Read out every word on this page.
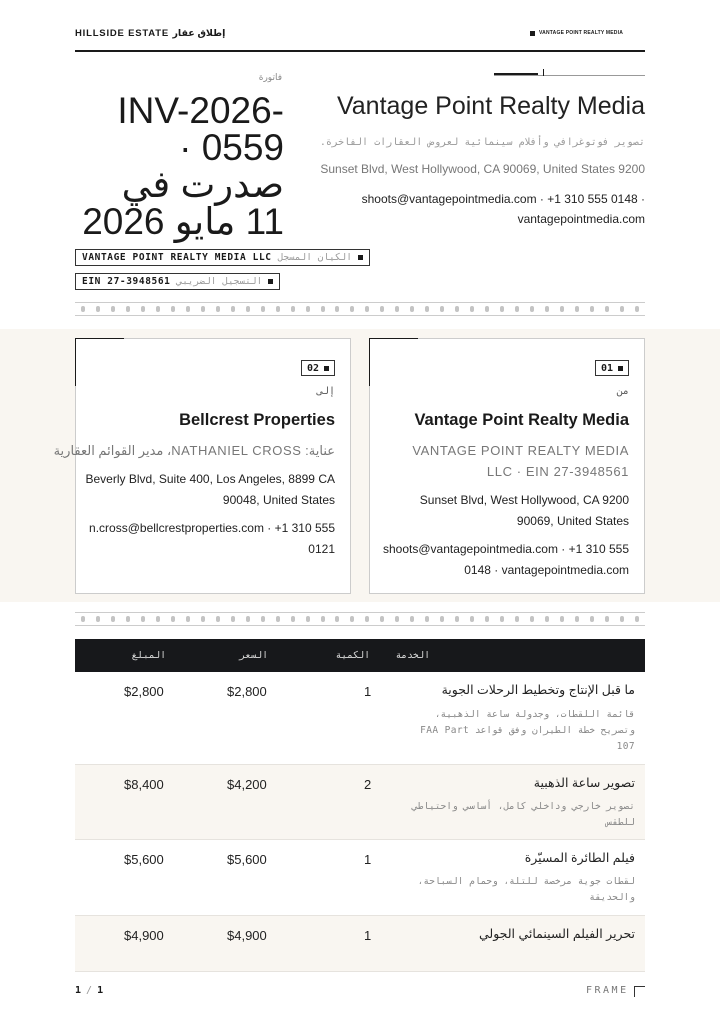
HILLSIDE ESTATE إطلاق عقار	VANTAGE POINT REALTY MEDIA
فاتورة
INV-2026-0559 · صدرت في 11 مايو 2026
Vantage Point Realty Media
تصوير فوتوغرافي وأفلام سينمائية لعروض العقارات الفاخرة.
Sunset Blvd, West Hollywood, CA 90069, United States 9200
shoots@vantagepointmedia.com · +1 310 555 0148 · vantagepointmedia.com
الكيان المسجل
VANTAGE POINT REALTY MEDIA LLC
التسجيل الضريبي
EIN 27-3948561
02
إلى
Bellcrest Properties
عناية: NATHANIEL CROSS، مدير القوائم العقارية
Beverly Blvd, Suite 400, Los Angeles, 8899 CA 90048, United States
n.cross@bellcrestproperties.com · +1 310 555 0121
01
من
Vantage Point Realty Media
VANTAGE POINT REALTY MEDIA LLC · EIN 27-3948561
Sunset Blvd, West Hollywood, CA 9200 90069, United States
shoots@vantagepointmedia.com · +1 310 555 0148 · vantagepointmedia.com
الخدمة
الكمية
السعر
المبلغ
ما قبل الإنتاج وتخطيط الرحلات الجوية
قائمة اللقطات، وجدولة ساعة الذهبية، وتصريح خطة الطيران وفق قواعد FAA Part 107
1
$2,800
$2,800
تصوير ساعة الذهبية
تصوير خارجي وداخلي كامل، أساسي واحتياطي للطقس
2
$4,200
$8,400
فيلم الطائرة المسيّرة
لقطات جوية مرخصة للتلة، وحمام السباحة، والحديقة
1
$5,600
$5,600
تحرير الفيلم السينمائي الجولي
1
$4,900
$4,900
1 / 1	FRAME
